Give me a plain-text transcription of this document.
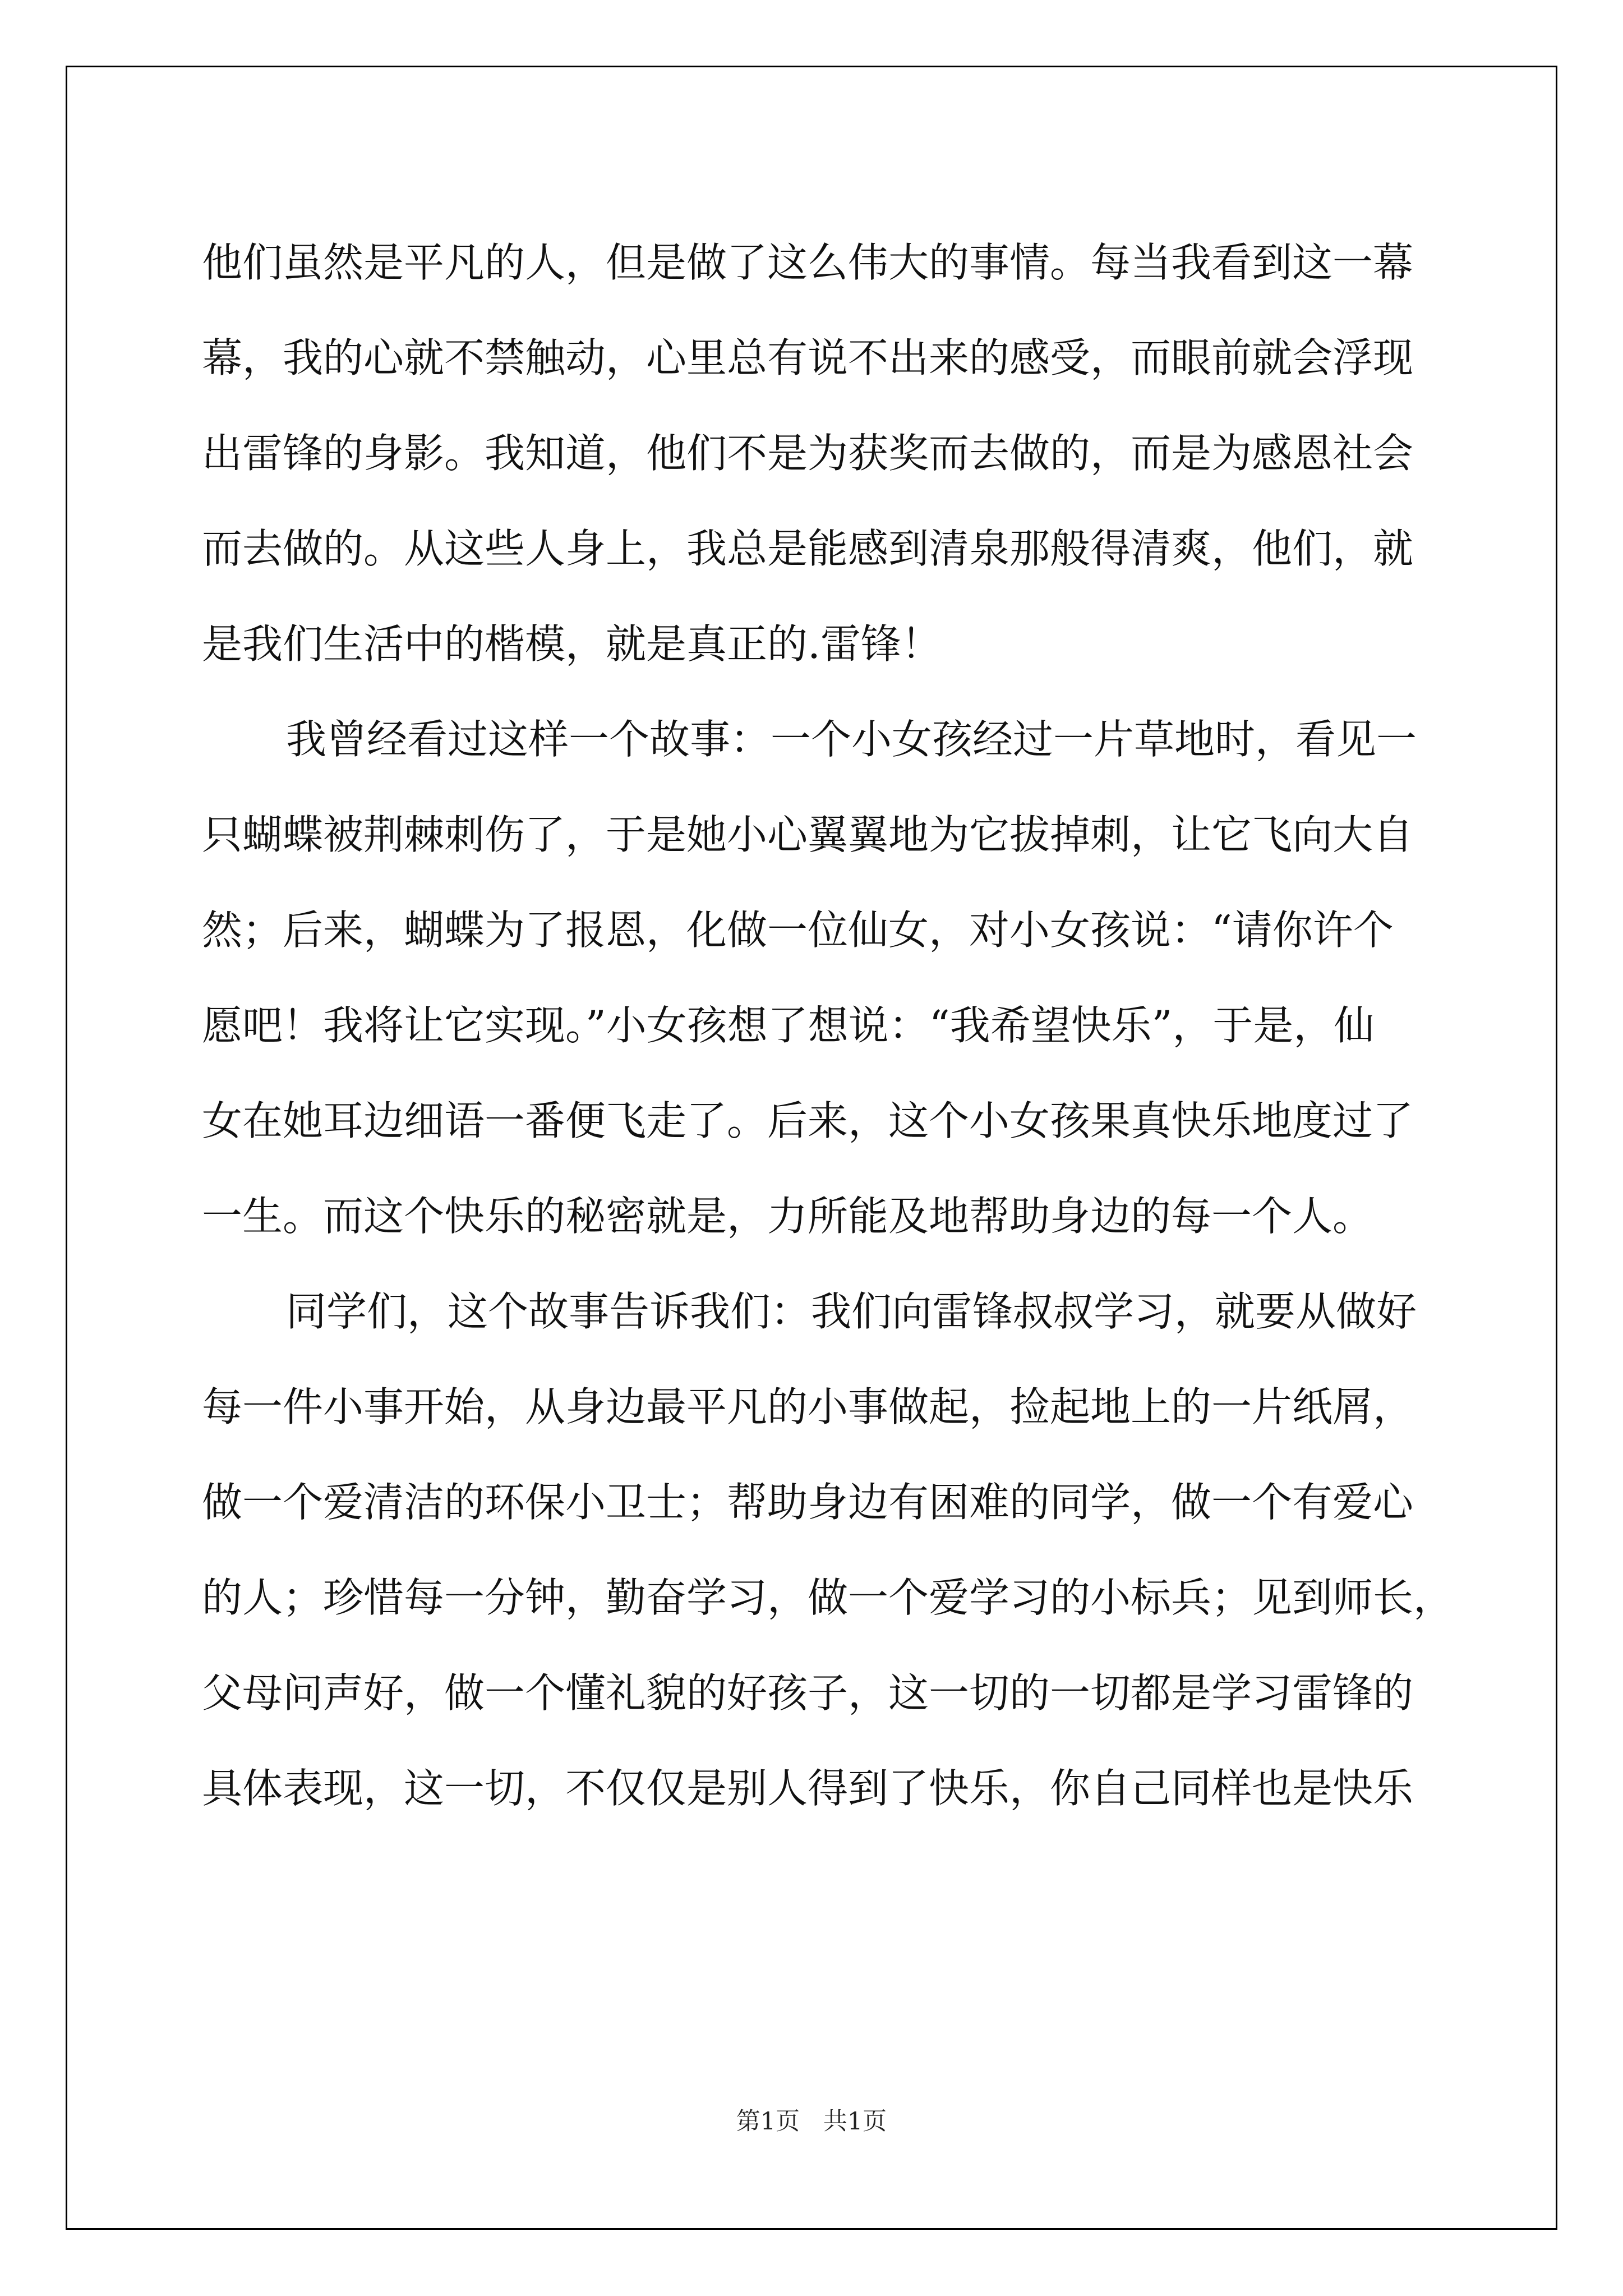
他们虽然是平凡的人，但是做了这么伟大的事情。每当我看到这一幕
幕，我的心就不禁触动，心里总有说不出来的感受，而眼前就会浮现
出雷锋的身影。我知道，他们不是为获奖而去做的，而是为感恩社会
而去做的。从这些人身上，我总是能感到清泉那般得清爽，他们，就
是我们生活中的楷模，就是真正的.雷锋！
我曾经看过这样一个故事：一个小女孩经过一片草地时，看见一
只蝴蝶被荆棘刺伤了，于是她小心翼翼地为它拔掉刺，让它飞向大自
然；后来，蝴蝶为了报恩，化做一位仙女，对小女孩说：“请你许个
愿吧！我将让它实现。”小女孩想了想说：“我希望快乐”，于是，仙
女在她耳边细语一番便飞走了。后来，这个小女孩果真快乐地度过了
一生。而这个快乐的秘密就是，力所能及地帮助身边的每一个人。
同学们，这个故事告诉我们：我们向雷锋叔叔学习，就要从做好
每一件小事开始，从身边最平凡的小事做起，捡起地上的一片纸屑，
做一个爱清洁的环保小卫士；帮助身边有困难的同学，做一个有爱心
的人；珍惜每一分钟，勤奋学习，做一个爱学习的小标兵；见到师长，
父母问声好，做一个懂礼貌的好孩子，这一切的一切都是学习雷锋的
具体表现，这一切，不仅仅是别人得到了快乐，你自己同样也是快乐
第1页 共1页
